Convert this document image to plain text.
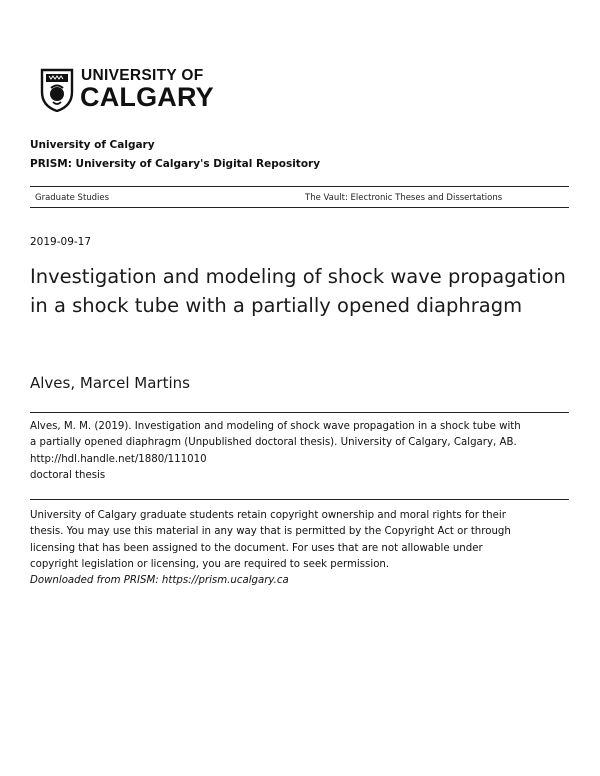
UNIVERSITY OF
CALGARY
University of Calgary
PRISM: University of Calgary's Digital Repository
Graduate Studies	The Vault: Electronic Theses and Dissertations
2019-09-17
Investigation and modeling of shock wave propagation in a shock tube with a partially opened diaphragm
Alves, Marcel Martins
Alves, M. M. (2019). Investigation and modeling of shock wave propagation in a shock tube with
a partially opened diaphragm (Unpublished doctoral thesis). University of Calgary, Calgary, AB.
http://hdl.handle.net/1880/111010
doctoral thesis
University of Calgary graduate students retain copyright ownership and moral rights for their
thesis. You may use this material in any way that is permitted by the Copyright Act or through
licensing that has been assigned to the document. For uses that are not allowable under
copyright legislation or licensing, you are required to seek permission.
Downloaded from PRISM: https://prism.ucalgary.ca
